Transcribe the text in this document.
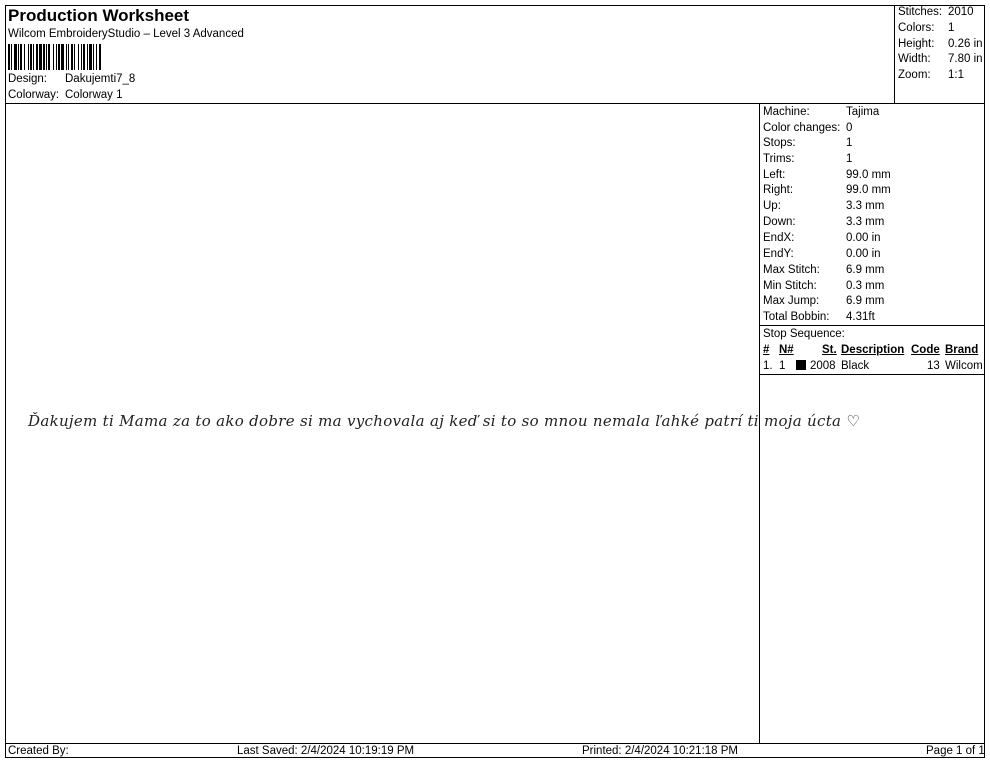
Production Worksheet
Wilcom EmbroideryStudio – Level 3 Advanced
Design: Dakujemti7_8
Colorway: Colorway 1
Stitches: 2010
Colors: 1
Height: 0.26 in
Width: 7.80 in
Zoom: 1:1
Machine:	Tajima
Color changes: 0
Stops:	1
Trims:	1
Left:	99.0 mm
Right:	99.0 mm
Up:	3.3 mm
Down:	3.3 mm
EndX:	0.00 in
EndY:	0.00 in
Max Stitch: 6.9 mm
Min Stitch:	0.3 mm
Max Jump: 6.9 mm
Total Bobbin: 4.31ft
Stop Sequence:
# N# St. Description Code Brand
1. 1 2008 Black	13 Wilcom
Ďakujem ti Mama za to ako dobre si ma vychovala aj keď si to so mnou nemala ľahké patrí ti moja úcta ♡
Created By:	Last Saved: 2/4/2024 10:19:19 PM	Printed: 2/4/2024 10:21:18 PM	Page 1 of 1
